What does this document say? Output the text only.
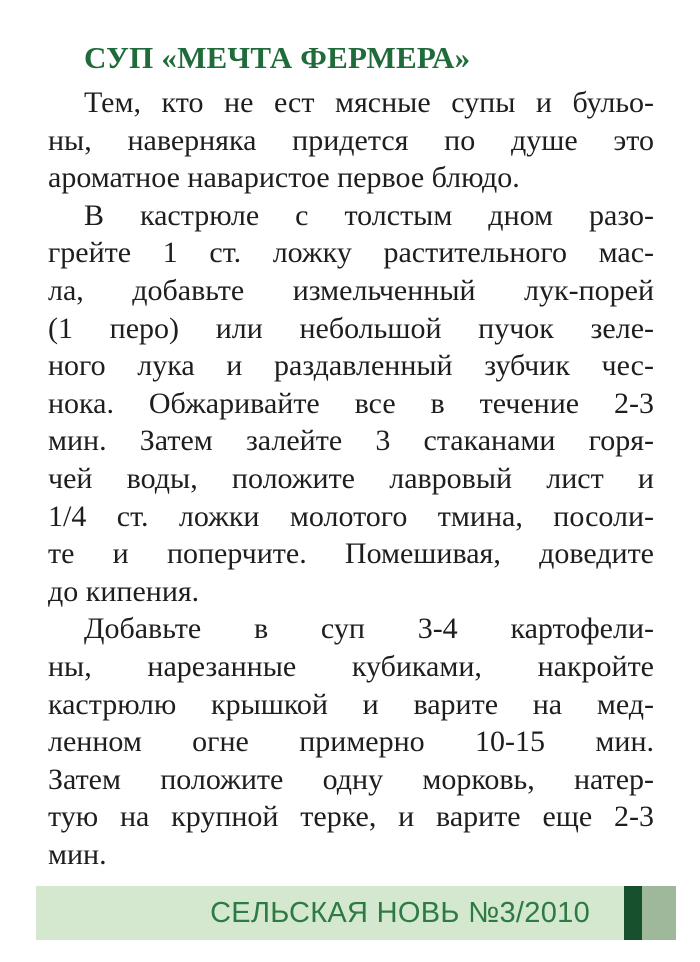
СУП «МЕЧТА ФЕРМЕРА»
Тем, кто не ест мясные супы и бульо-
ны, наверняка придется по душе это
ароматное наваристое первое блюдо.
В кастрюле с толстым дном разо-
грейте 1 ст. ложку растительного мас-
ла, добавьте измельченный лук-порей
(1 перо) или небольшой пучок зеле-
ного лука и раздавленный зубчик чес-
нока. Обжаривайте все в течение 2-3
мин. Затем залейте 3 стаканами горя-
чей воды, положите лавровый лист и
1/4 ст. ложки молотого тмина, посоли-
те и поперчите. Помешивая, доведите
до кипения.
Добавьте в суп 3-4 картофели-
ны, нарезанные кубиками, накройте
кастрюлю крышкой и варите на мед-
ленном огне примерно 10-15 мин.
Затем положите одну морковь, натер-
тую на крупной терке, и варите еще 2-3
мин.
СЕЛЬСКАЯ НОВЬ №3/2010
